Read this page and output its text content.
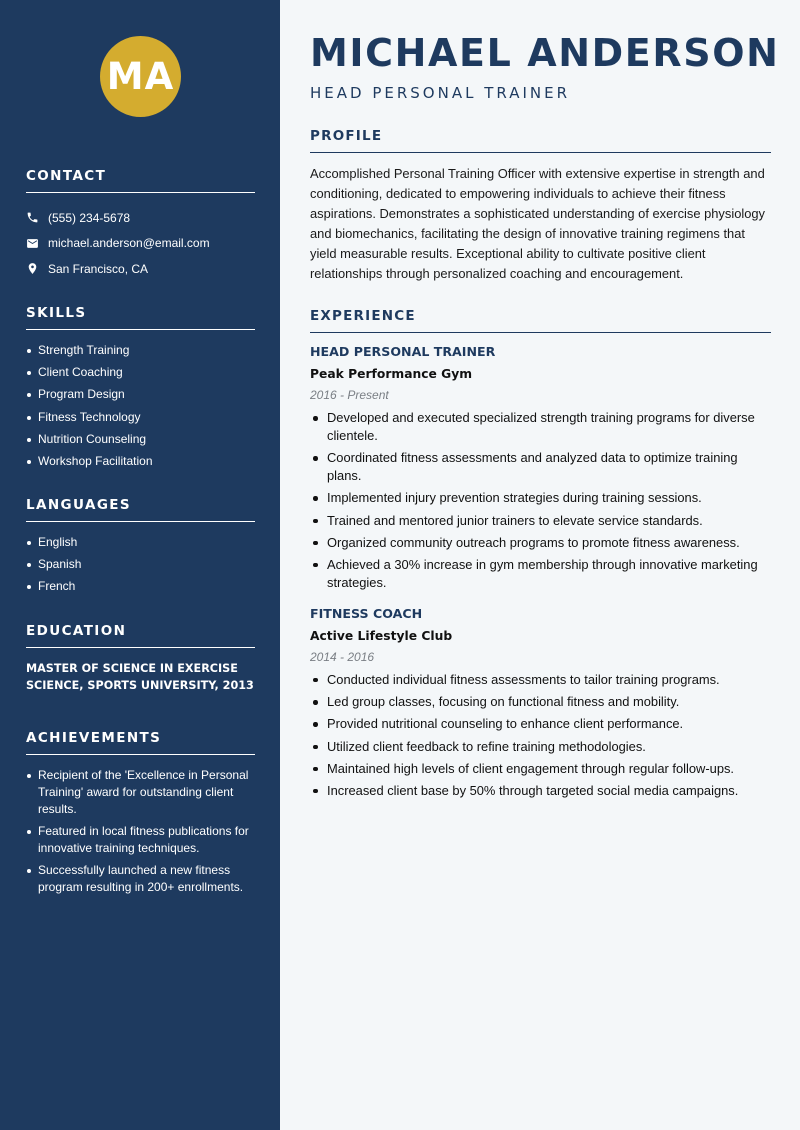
MA
CONTACT
(555) 234-5678
michael.anderson@email.com
San Francisco, CA
SKILLS
Strength Training
Client Coaching
Program Design
Fitness Technology
Nutrition Counseling
Workshop Facilitation
LANGUAGES
English
Spanish
French
EDUCATION
MASTER OF SCIENCE IN EXERCISE SCIENCE, SPORTS UNIVERSITY, 2013
ACHIEVEMENTS
Recipient of the 'Excellence in Personal Training' award for outstanding client results.
Featured in local fitness publications for innovative training techniques.
Successfully launched a new fitness program resulting in 200+ enrollments.
MICHAEL ANDERSON
HEAD PERSONAL TRAINER
PROFILE
Accomplished Personal Training Officer with extensive expertise in strength and conditioning, dedicated to empowering individuals to achieve their fitness aspirations. Demonstrates a sophisticated understanding of exercise physiology and biomechanics, facilitating the design of innovative training regimens that yield measurable results. Exceptional ability to cultivate positive client relationships through personalized coaching and encouragement.
EXPERIENCE
HEAD PERSONAL TRAINER
Peak Performance Gym
2016 - Present
Developed and executed specialized strength training programs for diverse clientele.
Coordinated fitness assessments and analyzed data to optimize training plans.
Implemented injury prevention strategies during training sessions.
Trained and mentored junior trainers to elevate service standards.
Organized community outreach programs to promote fitness awareness.
Achieved a 30% increase in gym membership through innovative marketing strategies.
FITNESS COACH
Active Lifestyle Club
2014 - 2016
Conducted individual fitness assessments to tailor training programs.
Led group classes, focusing on functional fitness and mobility.
Provided nutritional counseling to enhance client performance.
Utilized client feedback to refine training methodologies.
Maintained high levels of client engagement through regular follow-ups.
Increased client base by 50% through targeted social media campaigns.
